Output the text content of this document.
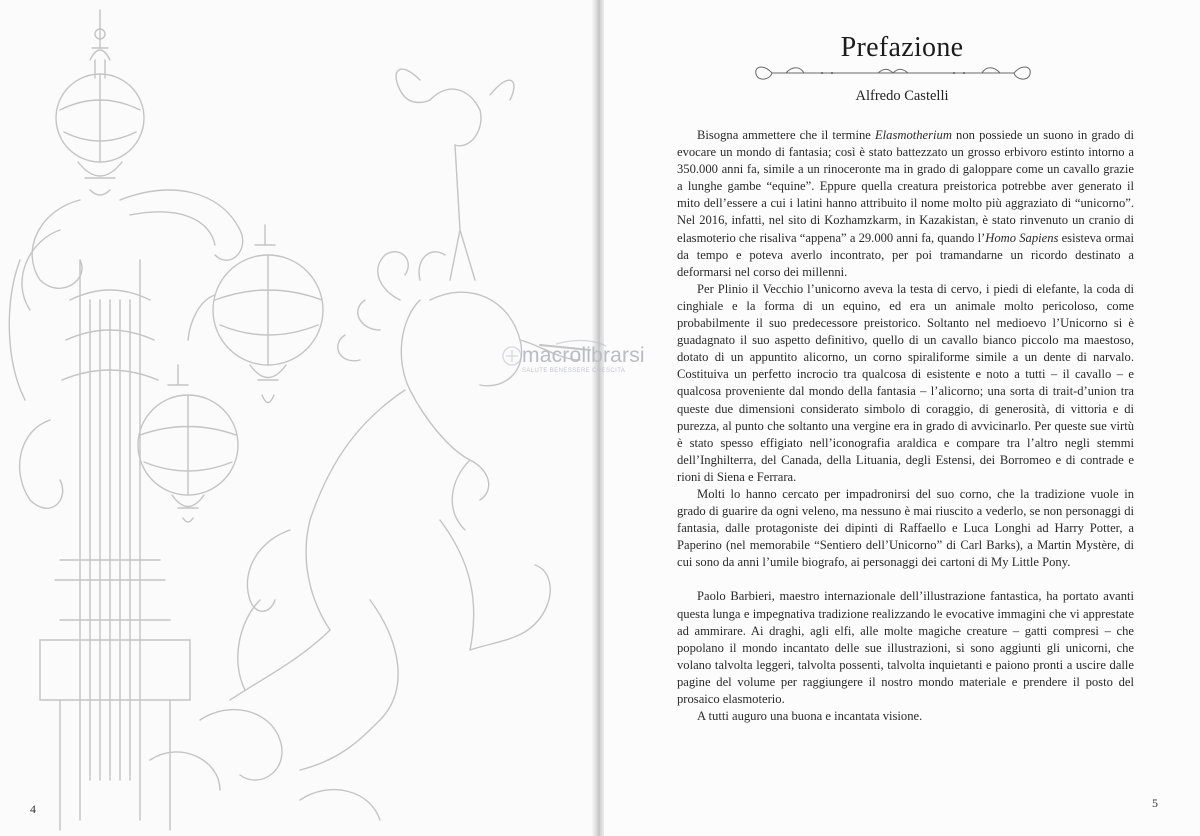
4	5
Prefazione
Alfredo Castelli

Bisogna ammettere che il termine Elasmotherium non possiede un suono in grado di evocare un mondo di fantasia; così è stato battezzato un grosso erbivoro estinto intorno a 350.000 anni fa, simile a un rinoceronte ma in grado di galoppare come un cavallo grazie a lunghe gambe “equine”. Eppure quella creatura preistorica potrebbe aver generato il mito dell’essere a cui i latini hanno attribuito il nome molto più aggraziato di “unicorno”. Nel 2016, infatti, nel sito di Kozhamzkarm, in Kazakistan, è stato rinvenuto un cranio di elasmoterio che risaliva “appena” a 29.000 anni fa, quando l’Homo Sapiens esisteva ormai da tempo e poteva averlo incontrato, per poi tramandarne un ricordo destinato a deformarsi nel corso dei millenni.

Per Plinio il Vecchio l’unicorno aveva la testa di cervo, i piedi di elefante, la coda di cinghiale e la forma di un equino, ed era un animale molto pericoloso, come probabilmente il suo predecessore preistorico. Soltanto nel medioevo l’Unicorno si è guadagnato il suo aspetto definitivo, quello di un cavallo bianco piccolo ma maestoso, dotato di un appuntito alicorno, un corno spiraliforme simile a un dente di narvalo. Costituiva un perfetto incrocio tra qualcosa di esistente e noto a tutti – il cavallo – e qualcosa proveniente dal mondo della fantasia – l’alicorno; una sorta di trait-d’union tra queste due dimensioni considerato simbolo di coraggio, di generosità, di vittoria e di purezza, al punto che soltanto una vergine era in grado di avvicinarlo. Per queste sue virtù è stato spesso effigiato nell’iconografia araldica e compare tra l’altro negli stemmi dell’Inghilterra, del Canada, della Lituania, degli Estensi, dei Borromeo e di contrade e rioni di Siena e Ferrara.

Molti lo hanno cercato per impadronirsi del suo corno, che la tradizione vuole in grado di guarire da ogni veleno, ma nessuno è mai riuscito a vederlo, se non personaggi di fantasia, dalle protagoniste dei dipinti di Raffaello e Luca Longhi ad Harry Potter, a Paperino (nel memorabile “Sentiero dell’Unicorno” di Carl Barks), a Martin Mystère, di cui sono da anni l’umile biografo, ai personaggi dei cartoni di My Little Pony.

Paolo Barbieri, maestro internazionale dell’illustrazione fantastica, ha portato avanti questa lunga e impegnativa tradizione realizzando le evocative immagini che vi apprestate ad ammirare. Ai draghi, agli elfi, alle molte magiche creature – gatti compresi – che popolano il mondo incantato delle sue illustrazioni, si sono aggiunti gli unicorni, che volano talvolta leggeri, talvolta possenti, talvolta inquietanti e paiono pronti a uscire dalle pagine del volume per raggiungere il nostro mondo materiale e prendere il posto del prosaico elasmoterio.

A tutti auguro una buona e incantata visione.

macrolibrarsi
SALUTE BENESSERE CRESCITA
